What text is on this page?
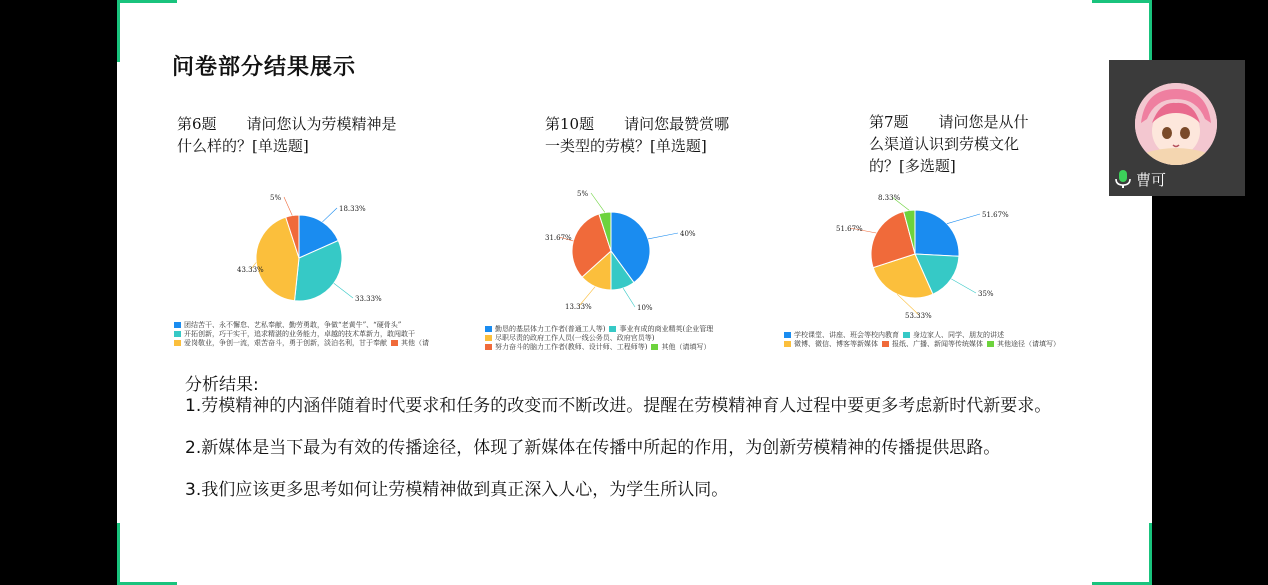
问卷部分结果展示
第6题　　请问您认为劳模精神是
什么样的？[单选题]
18.33%
33.33%
43.33%
5%
团结苦干、永不懈怠、艺私奉献、勤劳勇敢，争做“老黄牛”、“硬骨头”
开拓创新，巧干实干，追求精湛的业务能力，卓越的技术革新力，敢闯敢干
爱岗敬业，争创一流，艰苦奋斗，勇于创新，淡泊名利，甘于奉献 其他（请
第10题　　请问您最赞赏哪
一类型的劳模？[单选题]
40%
10%
13.33%
31.67%
5%
勤恳的基层体力工作者(普通工人等) 事业有成的商业精英(企业管理
尽职尽责的政府工作人员(一线公务员、政府官员等)
努力奋斗的脑力工作者(教师、设计师、工程师等) 其他（请填写）
第7题　　请问您是从什
么渠道认识到劳模文化
的？[多选题]
51.67%
35%
53.33%
51.67%
8.33%
学校课堂、讲座、班会等校内教育 身边家人、同学、朋友的讲述
微博、微信、博客等新媒体 报纸、广播、新闻等传统媒体 其他途径（请填写）

分析结果:

1.劳模精神的内涵伴随着时代要求和任务的改变而不断改进。提醒在劳模精神育人过程中要更多考虑新时代新要求。

2.新媒体是当下最为有效的传播途径，体现了新媒体在传播中所起的作用，为创新劳模精神的传播提供思路。

3.我们应该更多思考如何让劳模精神做到真正深入人心，为学生所认同。

曹可
